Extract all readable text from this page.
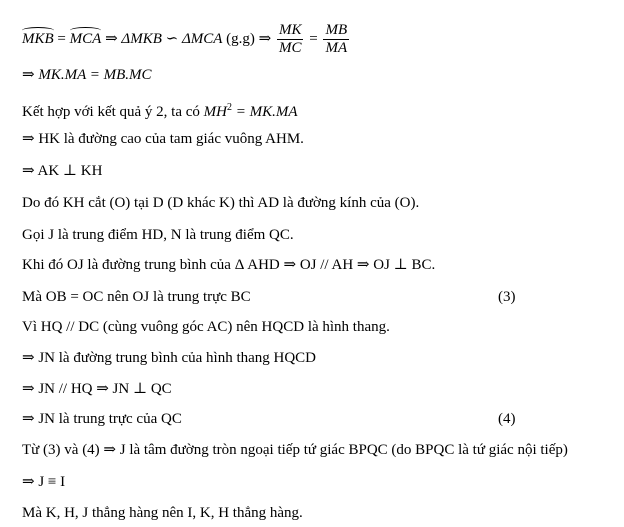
MKB = MCA ⇒ ΔMKB ∽ ΔMCA (g.g) ⇒ $\frac{MK}{MC} = \frac{MB}{MA}$
⇒ MK.MA = MB.MC
Kết hợp với kết quả ý 2, ta có $MH^2 = MK.MA$
⇒ HK là đường cao của tam giác vuông AHM.
⇒ AK ⊥ KH
Do đó KH cắt (O) tại D (D khác K) thì AD là đường kính của (O).
Gọi J là trung điểm HD, N là trung điểm QC.
Khi đó OJ là đường trung bình của Δ AHD ⇒ OJ // AH ⇒ OJ ⊥ BC.
Mà OB = OC nên OJ là trung trực BC	(3)
Vì HQ // DC (cùng vuông góc AC) nên HQCD là hình thang.
⇒ JN là đường trung bình của hình thang HQCD
⇒ JN // HQ ⇒ JN ⊥ QC
⇒ JN là trung trực của QC	(4)
Từ (3) và (4) ⇒ J là tâm đường tròn ngoại tiếp tứ giác BPQC (do BPQC là tứ giác nội tiếp)
⇒ J ≡ I
Mà K, H, J thẳng hàng nên I, K, H thẳng hàng.
